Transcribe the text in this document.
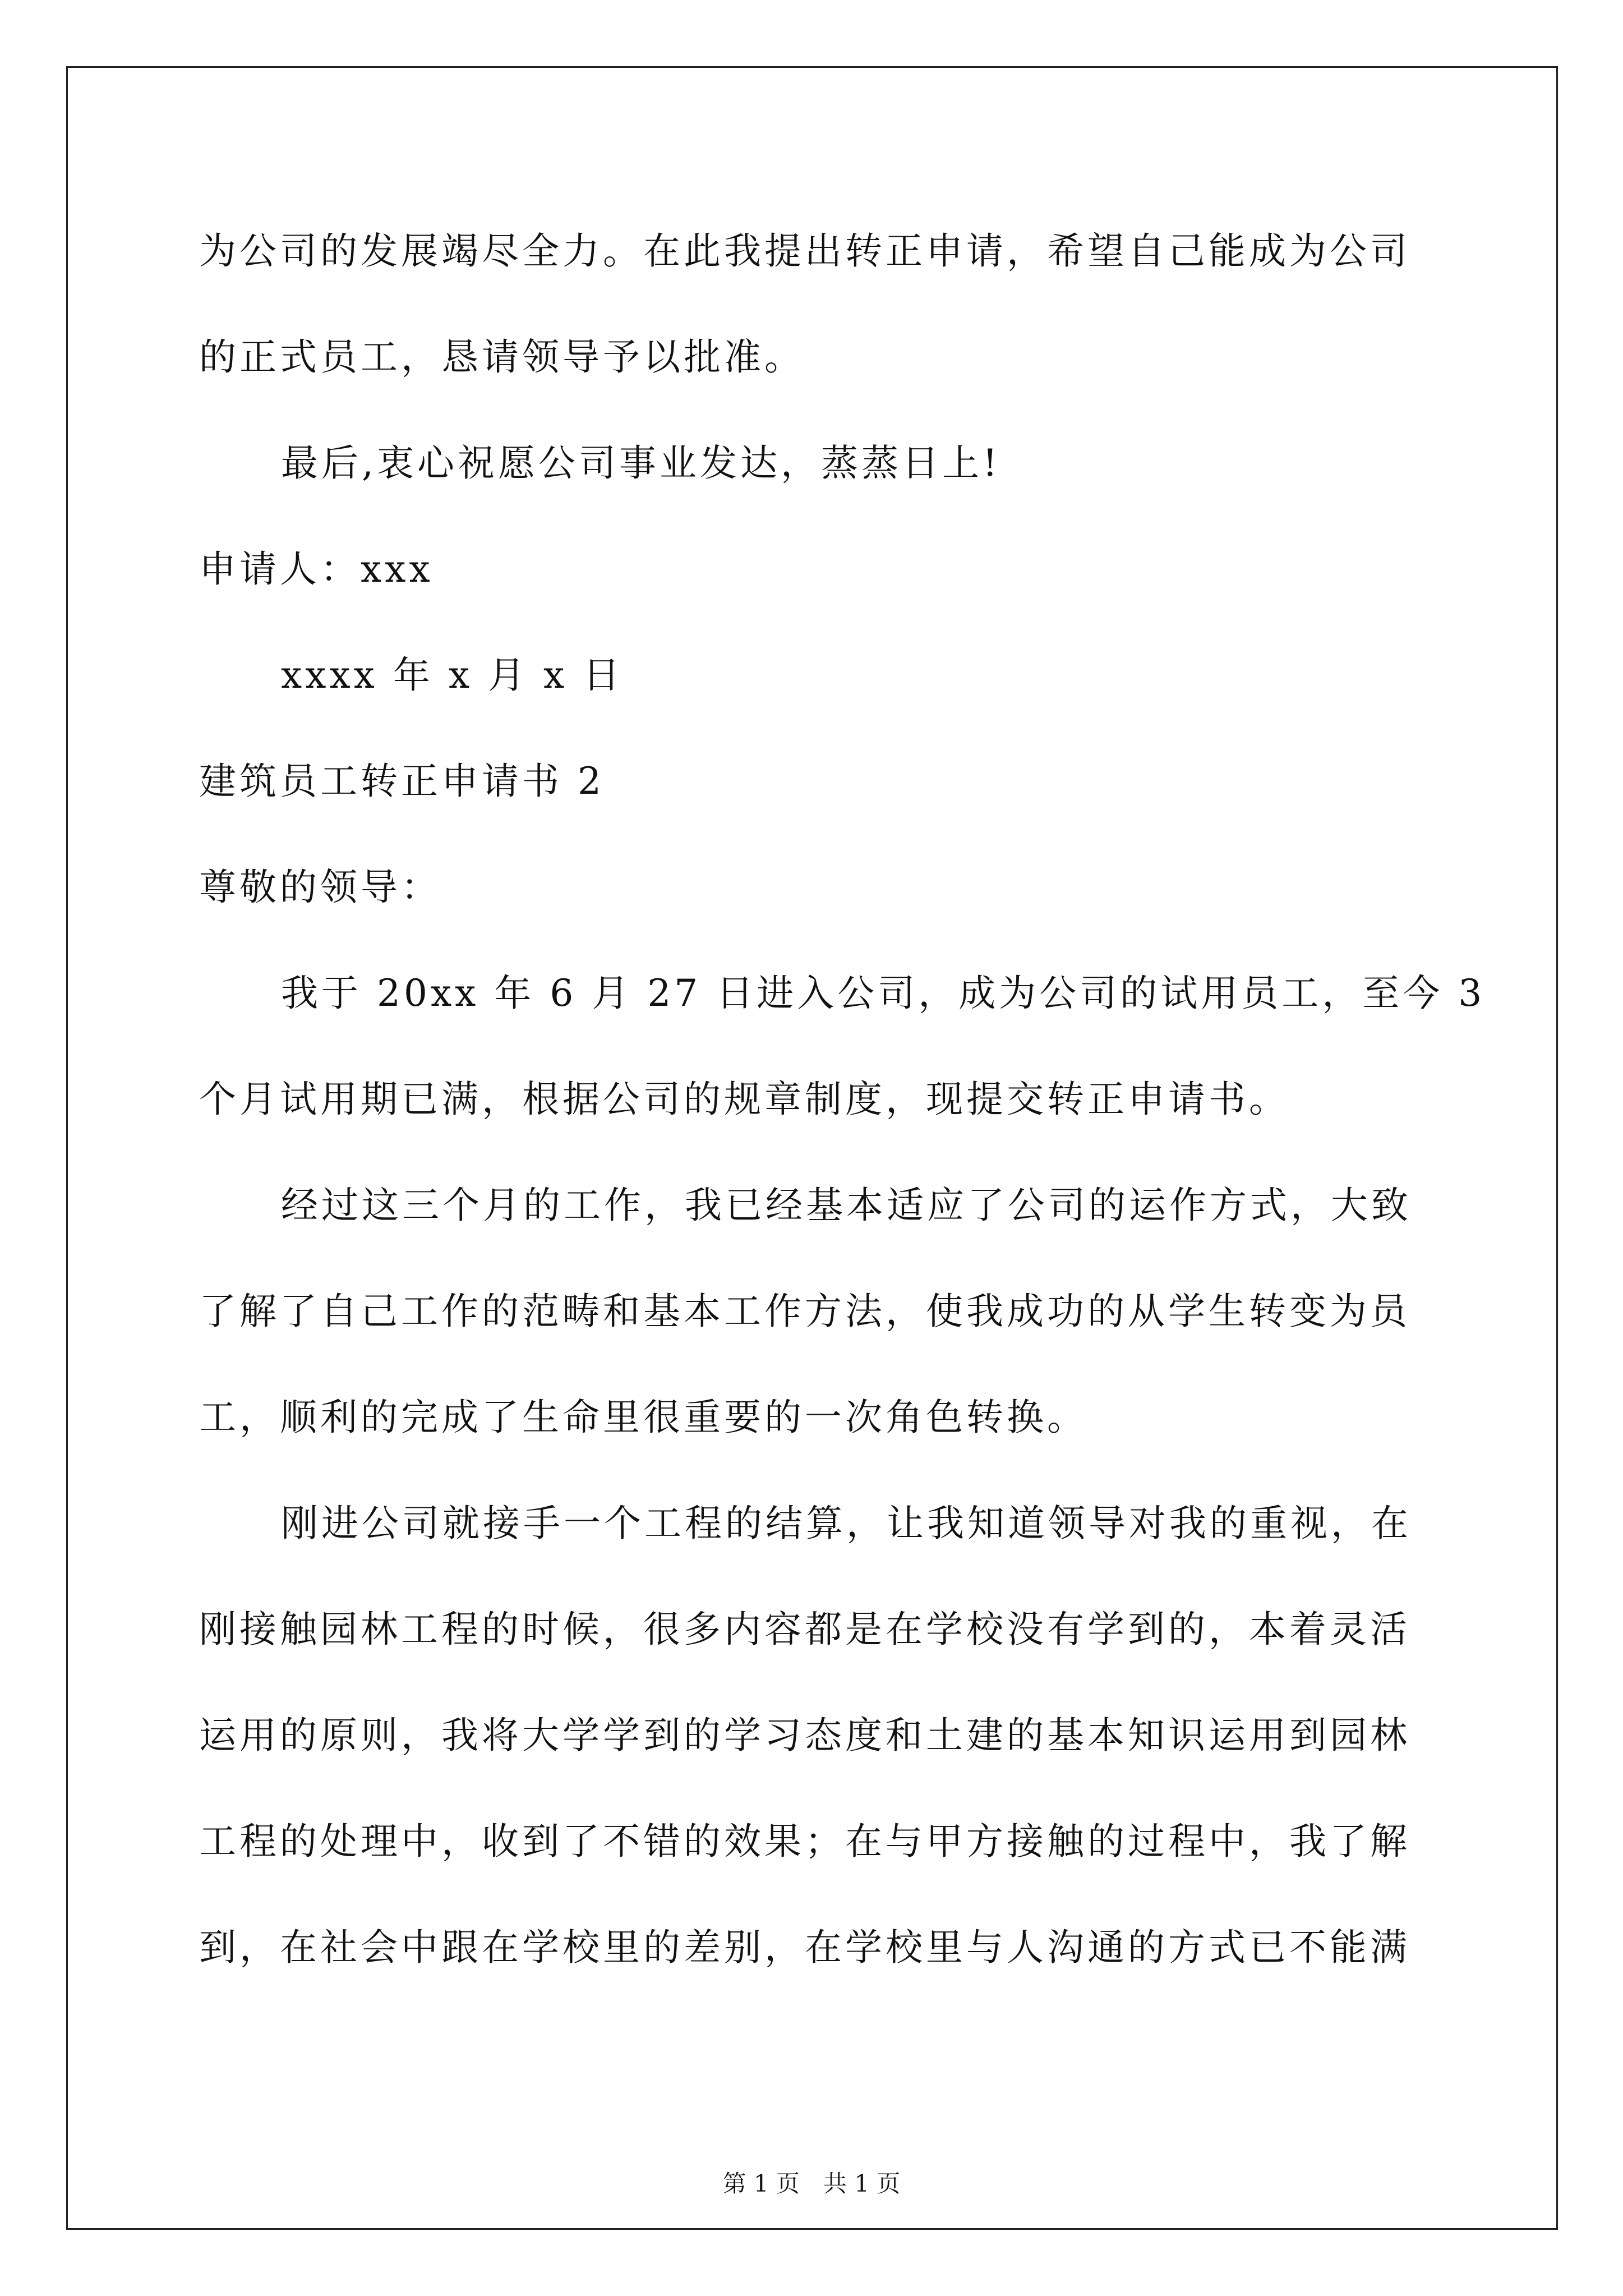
为公司的发展竭尽全力。在此我提出转正申请，希望自己能成为公司
的正式员工，恳请领导予以批准。
最后,衷心祝愿公司事业发达，蒸蒸日上!
申请人：xxx
xxxx 年 x 月 x 日
建筑员工转正申请书 2
尊敬的领导：
我于 20xx 年 6 月 27 日进入公司，成为公司的试用员工，至今 3
个月试用期已满，根据公司的规章制度，现提交转正申请书。
经过这三个月的工作，我已经基本适应了公司的运作方式，大致
了解了自己工作的范畴和基本工作方法，使我成功的从学生转变为员
工，顺利的完成了生命里很重要的一次角色转换。
刚进公司就接手一个工程的结算，让我知道领导对我的重视，在
刚接触园林工程的时候，很多内容都是在学校没有学到的，本着灵活
运用的原则，我将大学学到的学习态度和土建的基本知识运用到园林
工程的处理中，收到了不错的效果；在与甲方接触的过程中，我了解
到，在社会中跟在学校里的差别，在学校里与人沟通的方式已不能满
第 1 页　共 1 页
